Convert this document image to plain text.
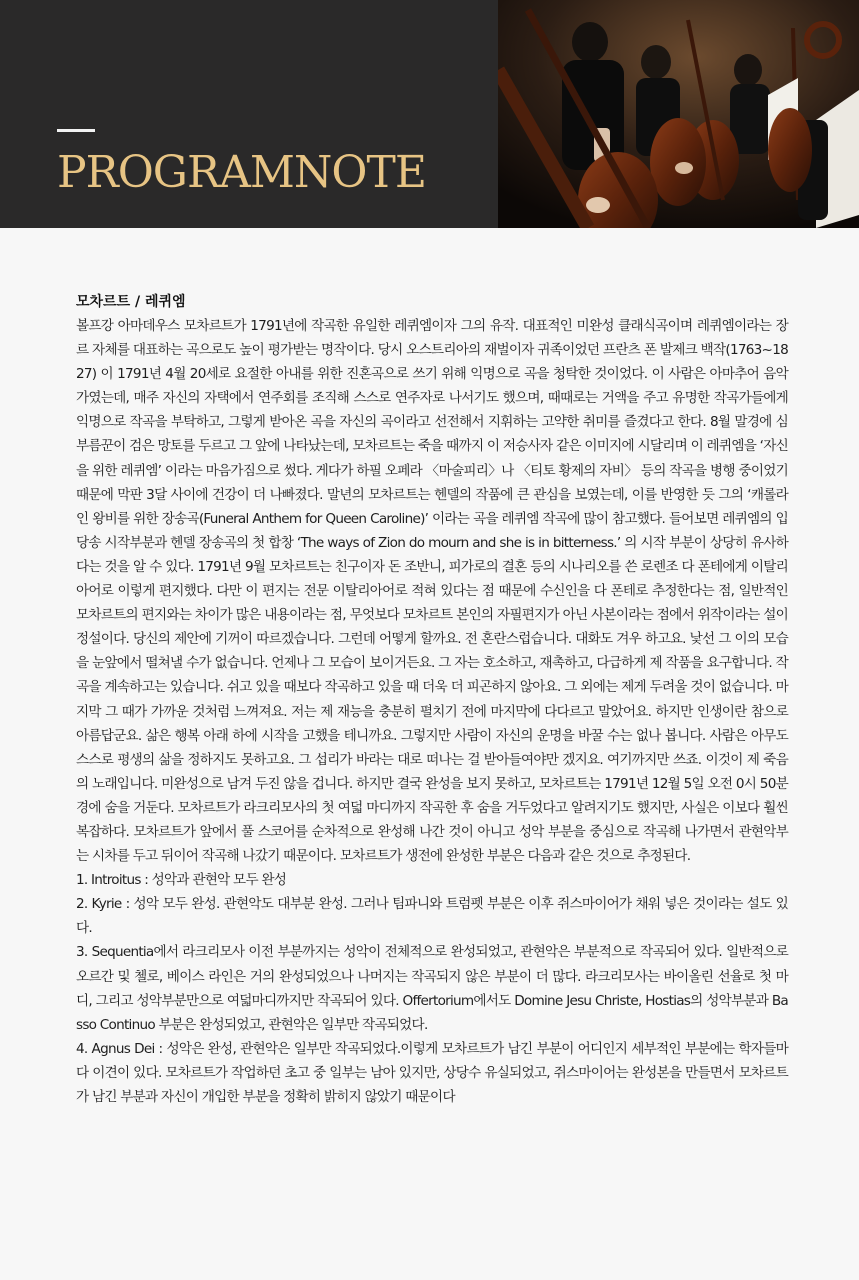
PROGRAMNOTE

모차르트 / 레퀴엠

볼프강 아마데우스 모차르트가 1791년에 작곡한 유일한 레퀴엠이자 그의 유작. 대표적인 미완성 클래식곡이며 레퀴엠이라는 장르 자체를 대표하는 곡으로도 높이 평가받는 명작이다. 당시 오스트리아의 재벌이자 귀족이었던 프란츠 폰 발제크 백작(1763~1827) 이 1791년 4월 20세로 요절한 아내를 위한 진혼곡으로 쓰기 위해 익명으로 곡을 청탁한 것이었다. 이 사람은 아마추어 음악가였는데, 매주 자신의 자택에서 연주회를 조직해 스스로 연주자로 나서기도 했으며, 때때로는 거액을 주고 유명한 작곡가들에게 익명으로 작곡을 부탁하고, 그렇게 받아온 곡을 자신의 곡이라고 선전해서 지휘하는 고약한 취미를 즐겼다고 한다. 8월 말경에 심부름꾼이 검은 망토를 두르고 그 앞에 나타났는데, 모차르트는 죽을 때까지 이 저승사자 같은 이미지에 시달리며 이 레퀴엠을 ‘자신을 위한 레퀴엠’ 이라는 마음가짐으로 썼다. 게다가 하필 오페라 〈마술피리〉나 〈티토 황제의 자비〉 등의 작곡을 병행 중이었기 때문에 막판 3달 사이에 건강이 더 나빠졌다. 말년의 모차르트는 헨델의 작품에 큰 관심을 보였는데, 이를 반영한 듯 그의 ‘캐롤라인 왕비를 위한 장송곡(Funeral Anthem for Queen Caroline)’ 이라는 곡을 레퀴엠 작곡에 많이 참고했다. 들어보면 레퀴엠의 입당송 시작부분과 헨델 장송곡의 첫 합창 ‘The ways of Zion do mourn and she is in bitterness.’ 의 시작 부분이 상당히 유사하다는 것을 알 수 있다. 1791년 9월 모차르트는 친구이자 돈 조반니, 피가로의 결혼 등의 시나리오를 쓴 로렌조 다 폰테에게 이탈리아어로 이렇게 편지했다. 다만 이 편지는 전문 이탈리아어로 적혀 있다는 점 때문에 수신인을 다 폰테로 추정한다는 점, 일반적인 모차르트의 편지와는 차이가 많은 내용이라는 점, 무엇보다 모차르트 본인의 자필편지가 아닌 사본이라는 점에서 위작이라는 설이 정설이다. 당신의 제안에 기꺼이 따르겠습니다. 그런데 어떻게 할까요. 전 혼란스럽습니다. 대화도 겨우 하고요. 낯선 그 이의 모습을 눈앞에서 떨쳐낼 수가 없습니다. 언제나 그 모습이 보이거든요. 그 자는 호소하고, 재촉하고, 다급하게 제 작품을 요구합니다. 작곡을 계속하고는 있습니다. 쉬고 있을 때보다 작곡하고 있을 때 더욱 더 피곤하지 않아요. 그 외에는 제게 두려울 것이 없습니다. 마지막 그 때가 가까운 것처럼 느껴져요. 저는 제 재능을 충분히 펼치기 전에 마지막에 다다르고 말았어요. 하지만 인생이란 참으로 아름답군요. 삶은 행복 아래 하에 시작을 고했을 테니까요. 그렇지만 사람이 자신의 운명을 바꿀 수는 없나 봅니다. 사람은 아무도 스스로 평생의 삶을 정하지도 못하고요. 그 섭리가 바라는 대로 떠나는 걸 받아들여야만 겠지요. 여기까지만 쓰죠. 이것이 제 죽음의 노래입니다. 미완성으로 남겨 두진 않을 겁니다. 하지만 결국 완성을 보지 못하고, 모차르트는 1791년 12월 5일 오전 0시 50분 경에 숨을 거둔다. 모차르트가 라크리모사의 첫 여덟 마디까지 작곡한 후 숨을 거두었다고 알려지기도 했지만, 사실은 이보다 훨씬 복잡하다. 모차르트가 앞에서 풀 스코어를 순차적으로 완성해 나간 것이 아니고 성악 부분을 중심으로 작곡해 나가면서 관현악부는 시차를 두고 뒤이어 작곡해 나갔기 때문이다. 모차르트가 생전에 완성한 부분은 다음과 같은 것으로 추정된다.

1. Introitus : 성악과 관현악 모두 완성

2. Kyrie : 성악 모두 완성. 관현악도 대부분 완성. 그러나 팀파니와 트럼펫 부분은 이후 쥐스마이어가 채워 넣은 것이라는 설도 있다.

3. Sequentia에서 라크리모사 이전 부분까지는 성악이 전체적으로 완성되었고, 관현악은 부분적으로 작곡되어 있다. 일반적으로 오르간 및 첼로, 베이스 라인은 거의 완성되었으나 나머지는 작곡되지 않은 부분이 더 많다. 라크리모사는 바이올린 선율로 첫 마디, 그리고 성악부분만으로 여덟마디까지만 작곡되어 있다. Offertorium에서도 Domine Jesu Christe, Hostias의 성악부분과 Basso Continuo 부분은 완성되었고, 관현악은 일부만 작곡되었다.

4. Agnus Dei : 성악은 완성, 관현악은 일부만 작곡되었다.이렇게 모차르트가 남긴 부분이 어디인지 세부적인 부분에는 학자들마다 이견이 있다. 모차르트가 작업하던 초고 중 일부는 남아 있지만, 상당수 유실되었고, 쥐스마이어는 완성본을 만들면서 모차르트가 남긴 부분과 자신이 개입한 부분을 정확히 밝히지 않았기 때문이다
